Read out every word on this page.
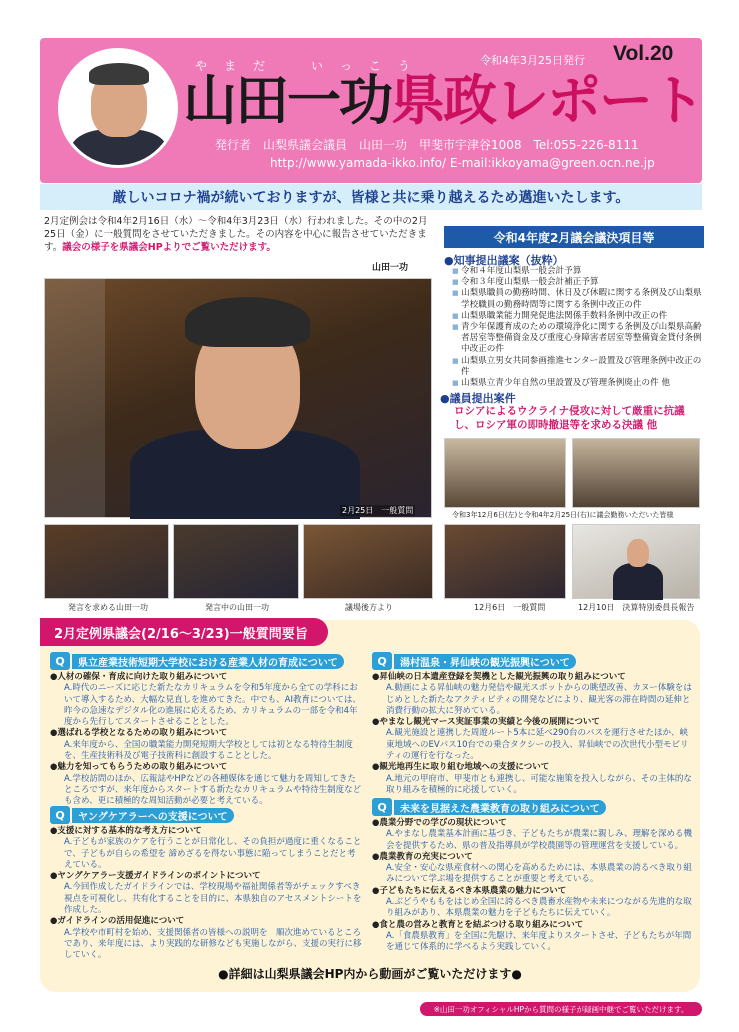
令和4年3月25日発行 Vol.20
やまだ　いっこう
山田一功県政レポート
発行者　山梨県議会議員　山田一功　甲斐市宇津谷1008　Tel:055-226-8111
http://www.yamada-ikko.info/ E-mail:ikkoyama@green.ocn.ne.jp
厳しいコロナ禍が続いておりますが、皆様と共に乗り越えるため邁進いたします。
2月定例会は令和4年2月16日（水）〜令和4年3月23日（水）行われました。その中の2月25日（金）に一般質問をさせていただきました。その内容を中心に報告させていただきます。議会の様子を県議会HPよりでご覧いただけます。
山田一功
2月25日　一般質問
発言を求める山田一功	発言中の山田一功	議場後方より
令和4年度2月議会議決項目等
●知事提出議案（抜粋）
■ 令和４年度山梨県一般会計予算
■ 令和３年度山梨県一般会計補正予算
■ 山梨県職員の勤務時間、休日及び休暇に関する条例及び山梨県学校職員の勤務時間等に関する条例中改正の件
■ 山梨県職業能力開発促進法関係手数料条例中改正の件
■ 青少年保護育成のための環境浄化に関する条例及び山梨県高齢者居室等整備資金及び重度心身障害者居室等整備資金貸付条例中改正の件
■ 山梨県立男女共同参画推進センター設置及び管理条例中改正の件
■ 山梨県立青少年自然の里設置及び管理条例廃止の件 他
●議員提出案件
ロシアによるウクライナ侵攻に対して厳重に抗議し、ロシア軍の即時撤退等を求める決議 他
令和3年12月6日(左)と令和4年2月25日(右)に議会勤務いただいた皆様
12月6日　一般質問	12月10日　決算特別委員長報告
2月定例県議会(2/16〜3/23)一般質問要旨
Q	県立産業技術短期大学校における産業人材の育成について
●人材の確保・育成に向けた取り組みについて
A.時代のニーズに応じた新たなカリキュラムを令和5年度から全ての学科において導入するため、大幅な見直しを進めてきた。中でも、AI教育については、昨今の急速なデジタル化の進展に応えるため、カリキュラムの一部を令和4年度から先行してスタートさせることとした。
●選ばれる学校となるための取り組みについて
A.来年度から、全国の職業能力開発短期大学校としては初となる特待生制度を、生産技術科及び電子技術科に創設することとした。
●魅力を知ってもらうための取り組みについて
A.学校訪問のほか、広報誌やHPなどの各種媒体を通じて魅力を周知してきたところですが、来年度からスタートする新たなカリキュラムや特待生制度なども含め、更に積極的な周知活動が必要と考えている。
Q	ヤングケアラーへの支援について
●支援に対する基本的な考え方について
A.子どもが家族のケアを行うことが日常化し、その負担が過度に重くなることで、子どもが自らの希望を 諦めざるを得ない事態に陥ってしまうことだと考えている。
●ヤングケアラー支援ガイドラインのポイントについて
A.今回作成したガイドラインでは、学校現場や福祉関係者等がチェックすべき視点を可視化し、共有化することを目的に、本県独自のアセスメントシートを作成した。
●ガイドラインの活用促進について
A.学校や市町村を始め、支援関係者の皆様への説明を　順次進めているところであり、来年度には、より実践的な研修なども実施しながら、支援の実行に移していく。
Q	湯村温泉・昇仙峡の観光振興について
●昇仙峡の日本遺産登録を契機とした観光振興の取り組みについて
A.動画による昇仙峡の魅力発信や観光スポットからの眺望改善、カヌー体験をはじめとした新たなアクティビティの開発などにより、観光客の滞在時間の延伸と消費行動の拡大に努めている。
●やまなし観光マース実証事業の実績と今後の展開について
A.観光施設と連携した周遊ルート5本に延べ290台のバスを運行させたほか、峡東地域へのEVバス10台での乗合タクシーの投入、昇仙峡での次世代小型モビリティの運行を行なった。
●観光地再生に取り組む地域への支援について
A.地元の甲府市、甲斐市とも連携し、可能な施策を投入しながら、その主体的な取り組みを積極的に応援していく。
Q	未来を見据えた農業教育の取り組みについて
●農業分野での学びの現状について
A.やまなし農業基本計画に基づき、子どもたちが農業に親しみ、理解を深める機会を提供するため、県の普及指導員が学校農園等の管理運営を支援している。
●農業教育の充実について
A.安全・安心な県産食材への関心を高めるためには、本県農業の誇るべき取り組みについて学ぶ場を提供することが重要と考えている。
●子どもたちに伝えるべき本県農業の魅力について
A.ぶどうやももをはじめ全国に誇るべき農畜水産物や未来につながる先進的な取り組みがあり、本県農業の魅力を子どもたちに伝えていく。
●食と農の営みと教育とを結ぶつける取り組みについて
A.「食農県教育」を全国に先駆け、来年度よりスタートさせ、子どもたちが年間を通じて体系的に学べるよう実践していく。
●詳細は山梨県議会HP内から動画がご覧いただけます●
※山田一功オフィシャルHPから質問の様子が録画中継でご覧いただけます。
